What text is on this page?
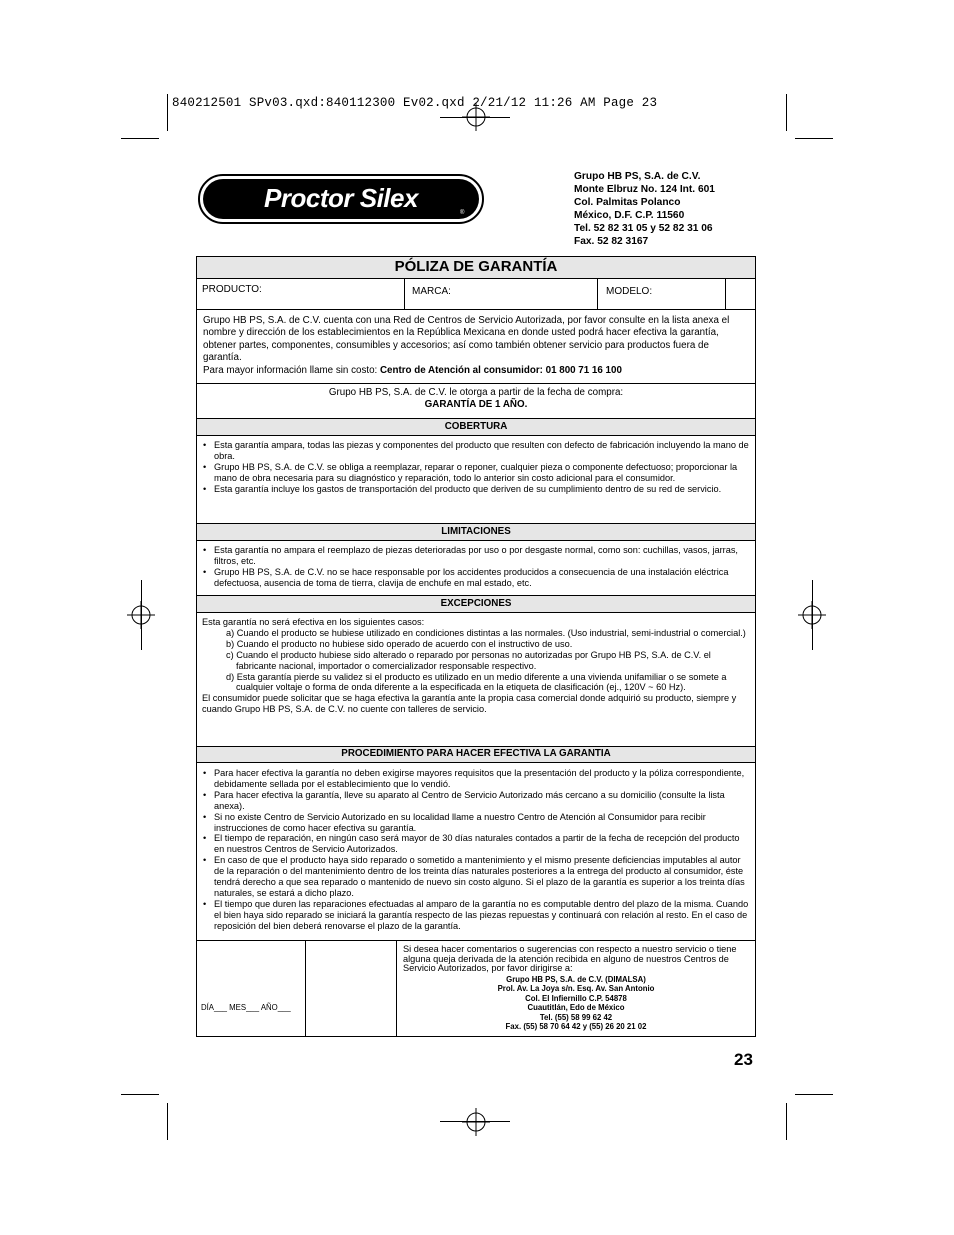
840212501 SPv03.qxd:840112300 Ev02.qxd 2/21/12 11:26 AM Page 23
Proctor Silex	®
Grupo HB PS, S.A. de C.V.
Monte Elbruz No. 124 Int. 601
Col. Palmitas Polanco
México, D.F. C.P. 11560
Tel. 52 82 31 05 y 52 82 31 06
Fax. 52 82 3167
PÓLIZA DE GARANTÍA
PRODUCTO:	MARCA:	MODELO:
Grupo HB PS, S.A. de C.V. cuenta con una Red de Centros de Servicio Autorizada, por favor consulte en la lista anexa el nombre y dirección de los establecimientos en la República Mexicana en donde usted podrá hacer efectiva la garantía, obtener partes, componentes, consumibles y accesorios; así como también obtener servicio para productos fuera de garantía.
Para mayor información llame sin costo: Centro de Atención al consumidor: 01 800 71 16 100
Grupo HB PS, S.A. de C.V. le otorga a partir de la fecha de compra:
GARANTÍA DE 1 AÑO.
COBERTURA
• Esta garantía ampara, todas las piezas y componentes del producto que resulten con defecto de fabricación incluyendo la mano de obra.
• Grupo HB PS, S.A. de C.V. se obliga a reemplazar, reparar o reponer, cualquier pieza o componente defectuoso; proporcionar la mano de obra necesaria para su diagnóstico y reparación, todo lo anterior sin costo adicional para el consumidor.
• Esta garantía incluye los gastos de transportación del producto que deriven de su cumplimiento dentro de su red de servicio.
LIMITACIONES
• Esta garantía no ampara el reemplazo de piezas deterioradas por uso o por desgaste normal, como son: cuchillas, vasos, jarras, filtros, etc.
• Grupo HB PS, S.A. de C.V. no se hace responsable por los accidentes producidos a consecuencia de una instalación eléctrica defectuosa, ausencia de toma de tierra, clavija de enchufe en mal estado, etc.
EXCEPCIONES
Esta garantía no será efectiva en los siguientes casos:
a) Cuando el producto se hubiese utilizado en condiciones distintas a las normales. (Uso industrial, semi-industrial o comercial.)
b) Cuando el producto no hubiese sido operado de acuerdo con el instructivo de uso.
c) Cuando el producto hubiese sido alterado o reparado por personas no autorizadas por Grupo HB PS, S.A. de C.V. el fabricante nacional, importador o comercializador responsable respectivo.
d) Esta garantía pierde su validez si el producto es utilizado en un medio diferente a una vivienda unifamiliar o se somete a cualquier voltaje o forma de onda diferente a la especificada en la etiqueta de clasificación (ej., 120V ~ 60 Hz).
El consumidor puede solicitar que se haga efectiva la garantía ante la propia casa comercial donde adquirió su producto, siempre y cuando Grupo HB PS, S.A. de C.V. no cuente con talleres de servicio.
PROCEDIMIENTO PARA HACER EFECTIVA LA GARANTIA
• Para hacer efectiva la garantía no deben exigirse mayores requisitos que la presentación del producto y la póliza correspondiente, debidamente sellada por el establecimiento que lo vendió.
• Para hacer efectiva la garantía, lleve su aparato al Centro de Servicio Autorizado más cercano a su domicilio (consulte la lista anexa).
• Si no existe Centro de Servicio Autorizado en su localidad llame a nuestro Centro de Atención al Consumidor para recibir instrucciones de como hacer efectiva su garantía.
• El tiempo de reparación, en ningún caso será mayor de 30 días naturales contados a partir de la fecha de recepción del producto en nuestros Centros de Servicio Autorizados.
• En caso de que el producto haya sido reparado o sometido a mantenimiento y el mismo presente deficiencias imputables al autor de la reparación o del mantenimiento dentro de los treinta días naturales posteriores a la entrega del producto al consumidor, éste tendrá derecho a que sea reparado o mantenido de nuevo sin costo alguno. Si el plazo de la garantía es superior a los treinta días naturales, se estará a dicho plazo.
• El tiempo que duren las reparaciones efectuadas al amparo de la garantía no es computable dentro del plazo de la misma. Cuando el bien haya sido reparado se iniciará la garantía respecto de las piezas repuestas y continuará con relación al resto. En el caso de reposición del bien deberá renovarse el plazo de la garantía.
DÍA___ MES___ AÑO___
Si desea hacer comentarios o sugerencias con respecto a nuestro servicio o tiene alguna queja derivada de la atención recibida en alguno de nuestros Centros de Servicio Autorizados, por favor dirigirse a:
Grupo HB PS, S.A. de C.V. (DIMALSA)
Prol. Av. La Joya s/n. Esq. Av. San Antonio
Col. El Infiernillo C.P. 54878
Cuautitlán, Edo de México
Tel. (55) 58 99 62 42
Fax. (55) 58 70 64 42 y (55) 26 20 21 02
23
